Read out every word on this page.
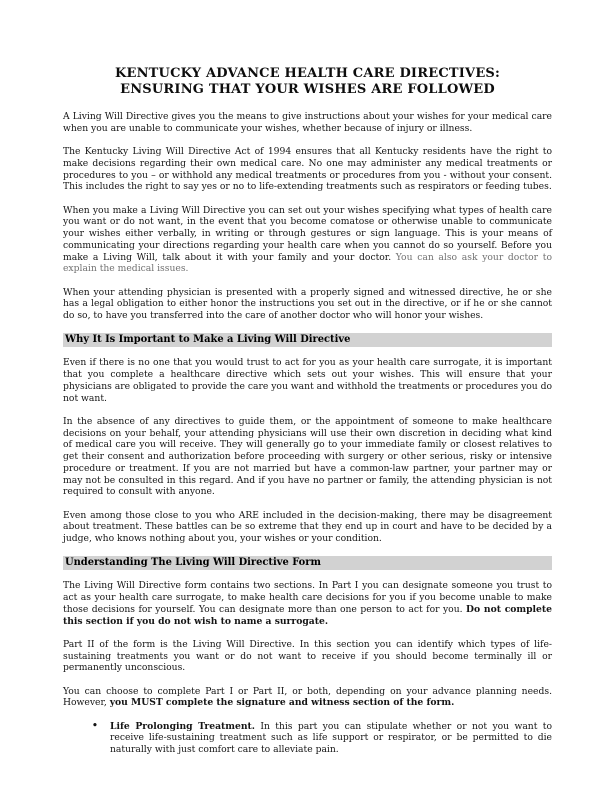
KENTUCKY ADVANCE HEALTH CARE DIRECTIVES:
ENSURING THAT YOUR WISHES ARE FOLLOWED

A Living Will Directive gives you the means to give instructions about your wishes for your medical care when you are unable to communicate your wishes, whether because of injury or illness.

The Kentucky Living Will Directive Act of 1994 ensures that all Kentucky residents have the right to make decisions regarding their own medical care. No one may administer any medical treatments or procedures to you – or withhold any medical treatments or procedures from you - without your consent. This includes the right to say yes or no to life-extending treatments such as respirators or feeding tubes.

When you make a Living Will Directive you can set out your wishes specifying what types of health care you want or do not want, in the event that you become comatose or otherwise unable to communicate your wishes either verbally, in writing or through gestures or sign language. This is your means of communicating your directions regarding your health care when you cannot do so yourself. Before you make a Living Will, talk about it with your family and your doctor. You can also ask your doctor to explain the medical issues.

When your attending physician is presented with a properly signed and witnessed directive, he or she has a legal obligation to either honor the instructions you set out in the directive, or if he or she cannot do so, to have you transferred into the care of another doctor who will honor your wishes.

Why It Is Important to Make a Living Will Directive

Even if there is no one that you would trust to act for you as your health care surrogate, it is important that you complete a healthcare directive which sets out your wishes. This will ensure that your physicians are obligated to provide the care you want and withhold the treatments or procedures you do not want.

In the absence of any directives to guide them, or the appointment of someone to make healthcare decisions on your behalf, your attending physicians will use their own discretion in deciding what kind of medical care you will receive. They will generally go to your immediate family or closest relatives to get their consent and authorization before proceeding with surgery or other serious, risky or intensive procedure or treatment. If you are not married but have a common-law partner, your partner may or may not be consulted in this regard. And if you have no partner or family, the attending physician is not required to consult with anyone.

Even among those close to you who ARE included in the decision-making, there may be disagreement about treatment. These battles can be so extreme that they end up in court and have to be decided by a judge, who knows nothing about you, your wishes or your condition.

Understanding The Living Will Directive Form

The Living Will Directive form contains two sections. In Part I you can designate someone you trust to act as your health care surrogate, to make health care decisions for you if you become unable to make those decisions for yourself. You can designate more than one person to act for you. Do not complete this section if you do not wish to name a surrogate.

Part II of the form is the Living Will Directive. In this section you can identify which types of life-sustaining treatments you want or do not want to receive if you should become terminally ill or permanently unconscious.

You can choose to complete Part I or Part II, or both, depending on your advance planning needs. However, you MUST complete the signature and witness section of the form.

• Life Prolonging Treatment. In this part you can stipulate whether or not you want to receive life-sustaining treatment such as life support or respirator, or be permitted to die naturally with just comfort care to alleviate pain.
